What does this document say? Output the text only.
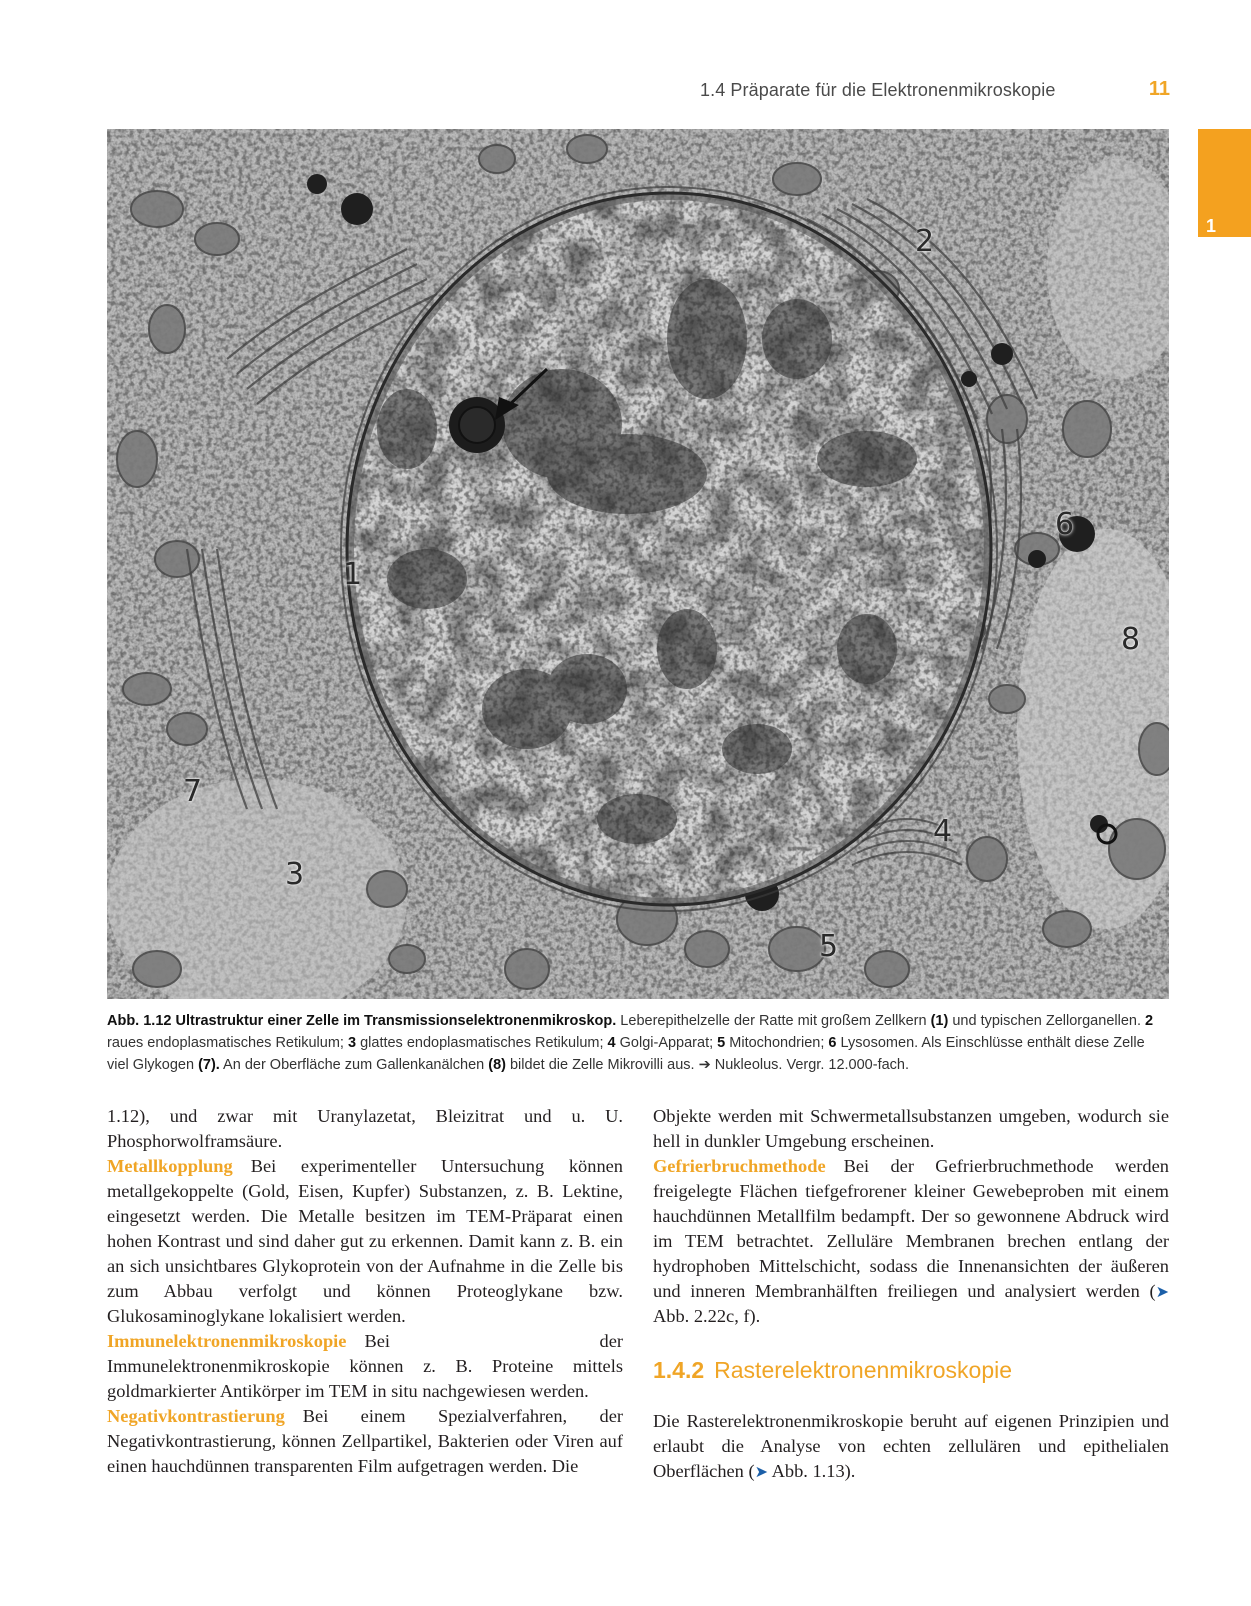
1.4 Präparate für die Elektronenmikroskopie	11
1
1
2
3
4
5
6
7
8
Abb. 1.12 Ultrastruktur einer Zelle im Transmissionselektronenmikroskop. Leberepithelzelle der Ratte mit großem Zellkern (1) und typischen Zellorganellen. 2 raues endoplasmatisches Retikulum; 3 glattes endoplasmatisches Retikulum; 4 Golgi-Apparat; 5 Mitochondrien; 6 Lysosomen. Als Einschlüsse enthält diese Zelle viel Glykogen (7). An der Oberfläche zum Gallenkanälchen (8) bildet die Zelle Mikrovilli aus. ➔ Nukleolus. Vergr. 12.000-fach.

1.12), und zwar mit Uranylazetat, Bleizitrat und u. U. Phosphorwolframsäure.

Metallkopplung Bei experimenteller Untersuchung können metallgekoppelte (Gold, Eisen, Kupfer) Substanzen, z. B. Lektine, eingesetzt werden. Die Metalle besitzen im TEM-Präparat einen hohen Kontrast und sind daher gut zu erkennen. Damit kann z. B. ein an sich unsichtbares Glykoprotein von der Aufnahme in die Zelle bis zum Abbau verfolgt und können Proteoglykane bzw. Glukosaminoglykane lokalisiert werden.

Immunelektronenmikroskopie Bei der Immunelektronenmikroskopie können z. B. Proteine mittels goldmarkierter Antikörper im TEM in situ nachgewiesen werden.

Negativkontrastierung Bei einem Spezialverfahren, der Negativkontrastierung, können Zellpartikel, Bakterien oder Viren auf einen hauchdünnen transparenten Film aufgetragen werden. Die

Objekte werden mit Schwermetallsubstanzen umgeben, wodurch sie hell in dunkler Umgebung erscheinen.

Gefrierbruchmethode Bei der Gefrierbruchmethode werden freigelegte Flächen tiefgefrorener kleiner Gewebeproben mit einem hauchdünnen Metallfilm bedampft. Der so gewonnene Abdruck wird im TEM betrachtet. Zelluläre Membranen brechen entlang der hydrophoben Mittelschicht, sodass die Innenansichten der äußeren und inneren Membranhälften freiliegen und analysiert werden (➤ Abb. 2.22c, f).

1.4.2 Rasterelektronenmikroskopie

Die Rasterelektronenmikroskopie beruht auf eigenen Prinzipien und erlaubt die Analyse von echten zellulären und epithelialen Oberflächen (➤ Abb. 1.13).
